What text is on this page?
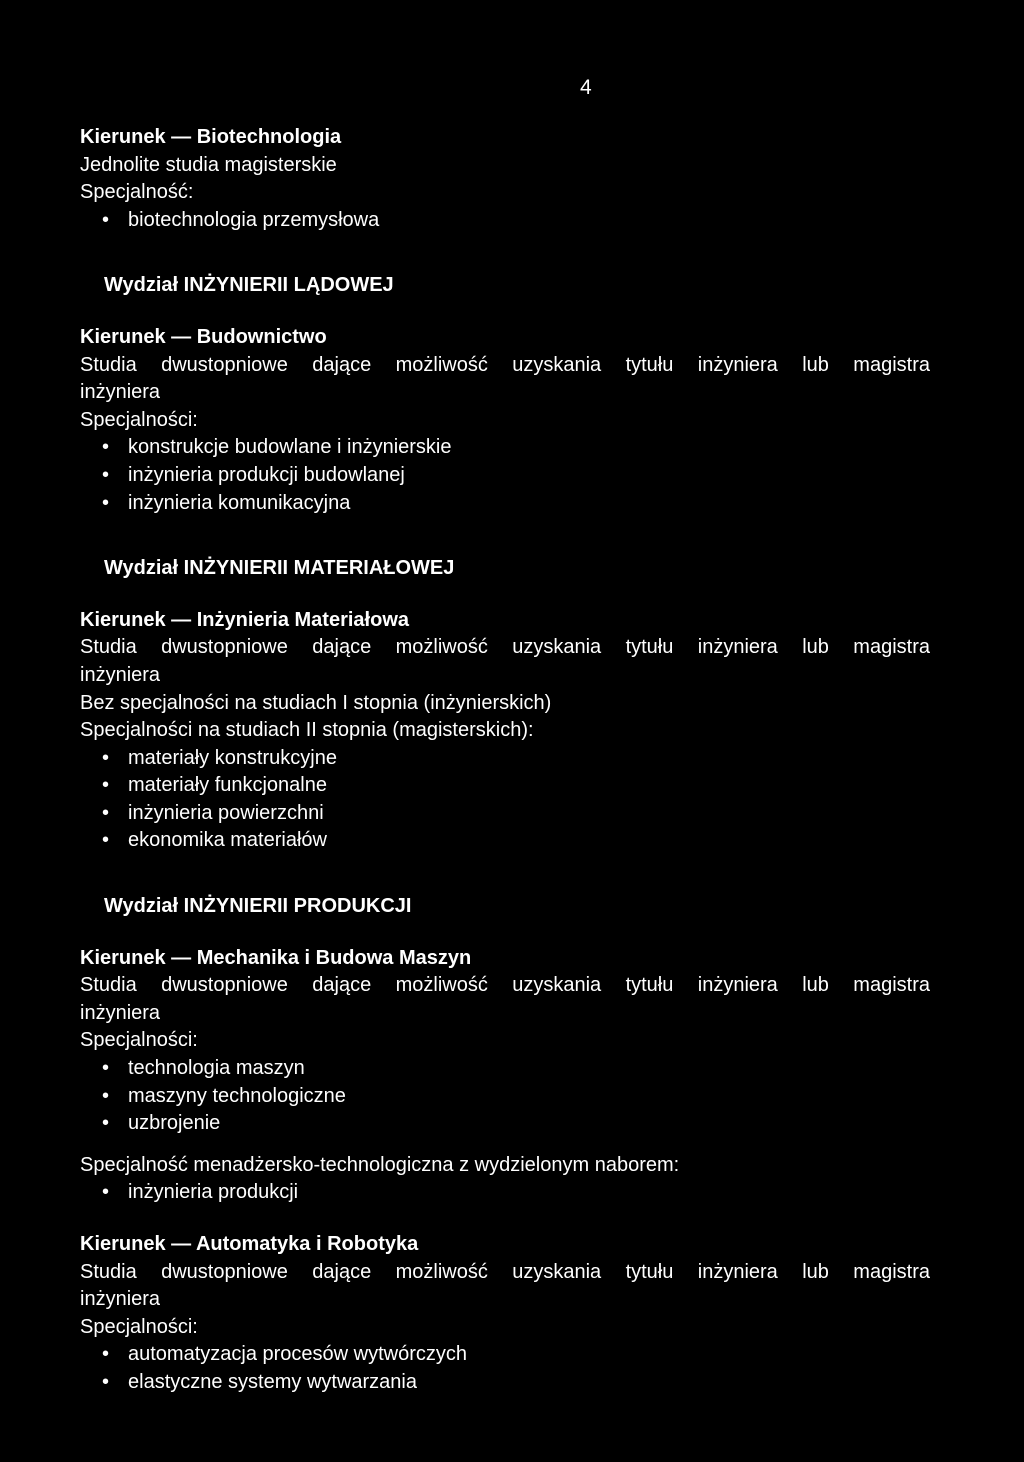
4

Kierunek — Biotechnologia

Jednolite studia magisterskie

Specjalność:

• biotechnologia przemysłowa

Wydział INŻYNIERII LĄDOWEJ

Kierunek — Budownictwo

Studia dwustopniowe dające możliwość uzyskania tytułu inżyniera lub magistra

inżyniera

Specjalności:

• konstrukcje budowlane i inżynierskie
• inżynieria produkcji budowlanej
• inżynieria komunikacyjna

Wydział INŻYNIERII MATERIAŁOWEJ

Kierunek — Inżynieria Materiałowa

Studia dwustopniowe dające możliwość uzyskania tytułu inżyniera lub magistra

inżyniera

Bez specjalności na studiach I stopnia (inżynierskich)

Specjalności na studiach II stopnia (magisterskich):

• materiały konstrukcyjne
• materiały funkcjonalne
• inżynieria powierzchni
• ekonomika materiałów

Wydział INŻYNIERII PRODUKCJI

Kierunek — Mechanika i Budowa Maszyn

Studia dwustopniowe dające możliwość uzyskania tytułu inżyniera lub magistra

inżyniera

Specjalności:

• technologia maszyn
• maszyny technologiczne
• uzbrojenie

Specjalność menadżersko-technologiczna z wydzielonym naborem:

• inżynieria produkcji

Kierunek — Automatyka i Robotyka

Studia dwustopniowe dające możliwość uzyskania tytułu inżyniera lub magistra

inżyniera

Specjalności:

• automatyzacja procesów wytwórczych
• elastyczne systemy wytwarzania
